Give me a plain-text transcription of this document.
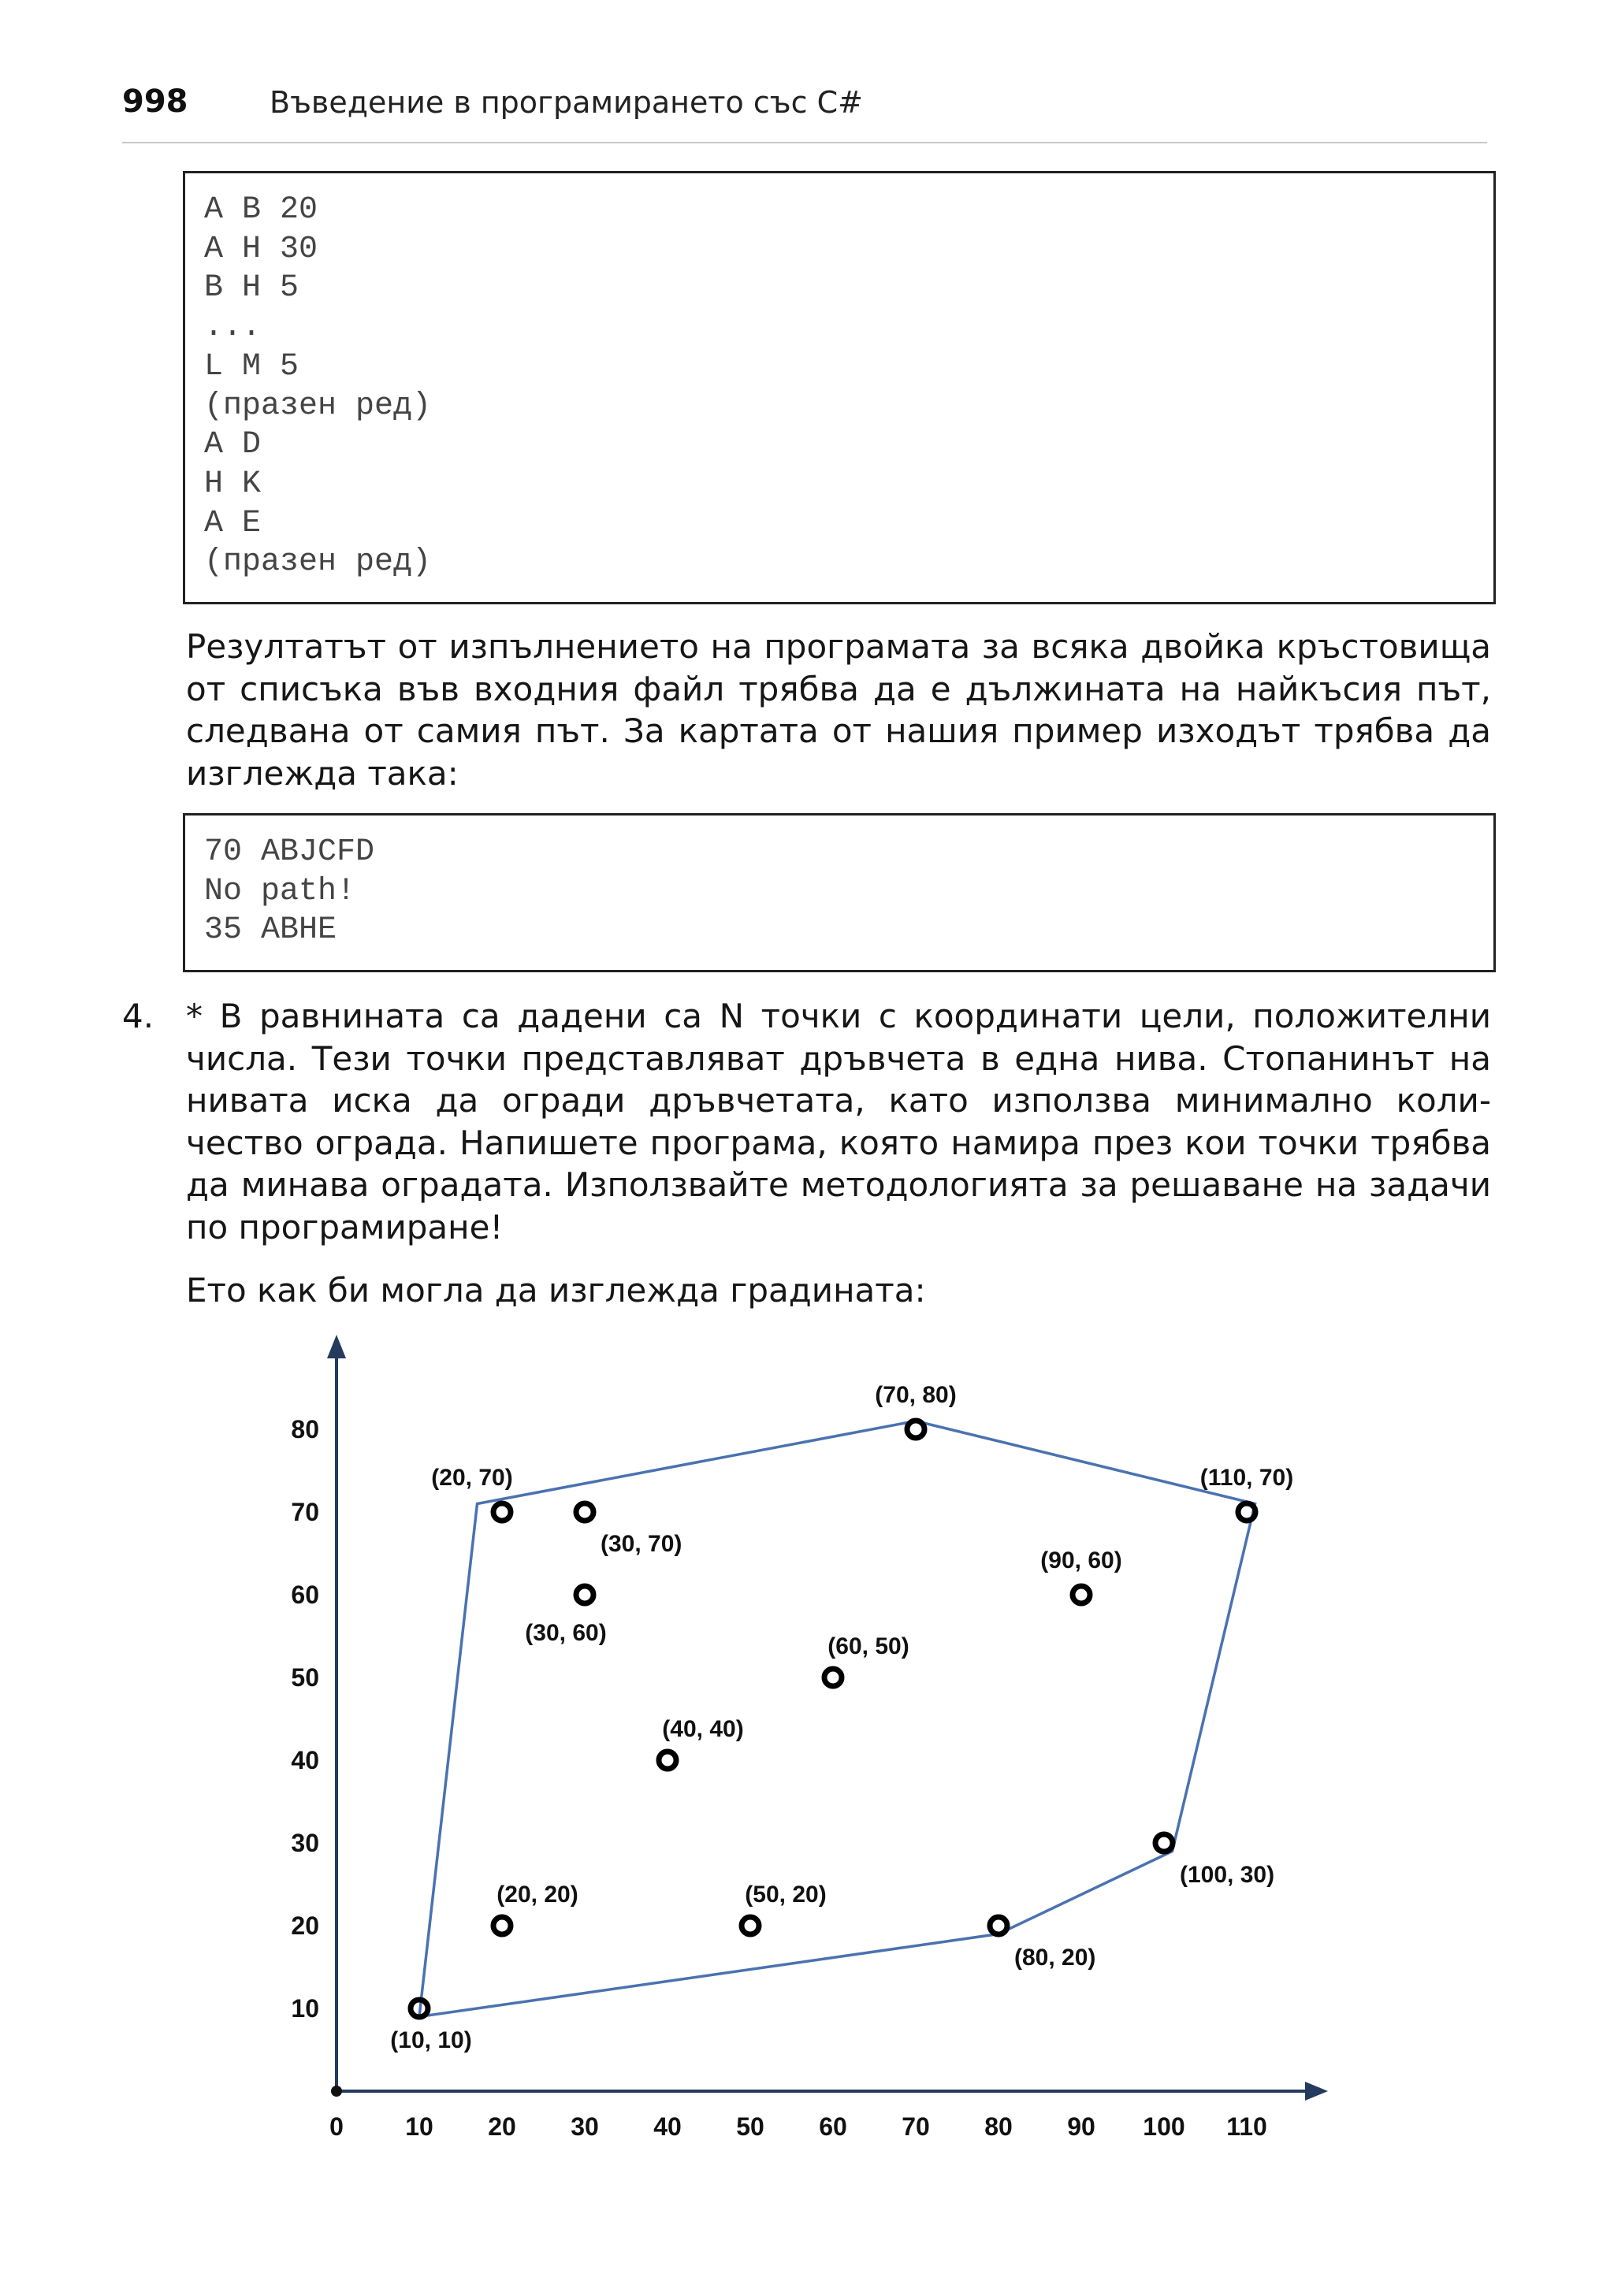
998	Въведение в програмирането със C#
A B 20
A H 30
B H 5
...
L M 5
(празен ред)
A D
H K
A E
(празен ред)
Резултатът от изпълнението на програмата за всяка двойка кръстовища от списъка във входния файл трябва да е дължината на найкъсия път, следвана от самия път. За картата от нашия пример изходът трябва да изглежда така:
70 ABJCFD
No path!
35 ABHE
4. * В равнината са дадени са N точки с координати цели, положителни числа. Тези точки представляват дръвчета в една нива. Стопанинът на нивата иска да огради дръвчетата, като използва минимално количество ограда. Напишете програма, която намира през кои точки трябва да минава оградата. Използвайте методологията за решаване на задачи по програмиране!
Ето как би могла да изглежда градината:
0 10 20 30 40 50 60 70 80 90 100 110
10
20
30
40
50
60
70
80
(70, 80)
(20, 70)
(30, 70)
(110, 70)
(30, 60)
(90, 60)
(60, 50)
(40, 40)
(100, 30)
(20, 20)	(50, 20)
(80, 20)
(10, 10)
